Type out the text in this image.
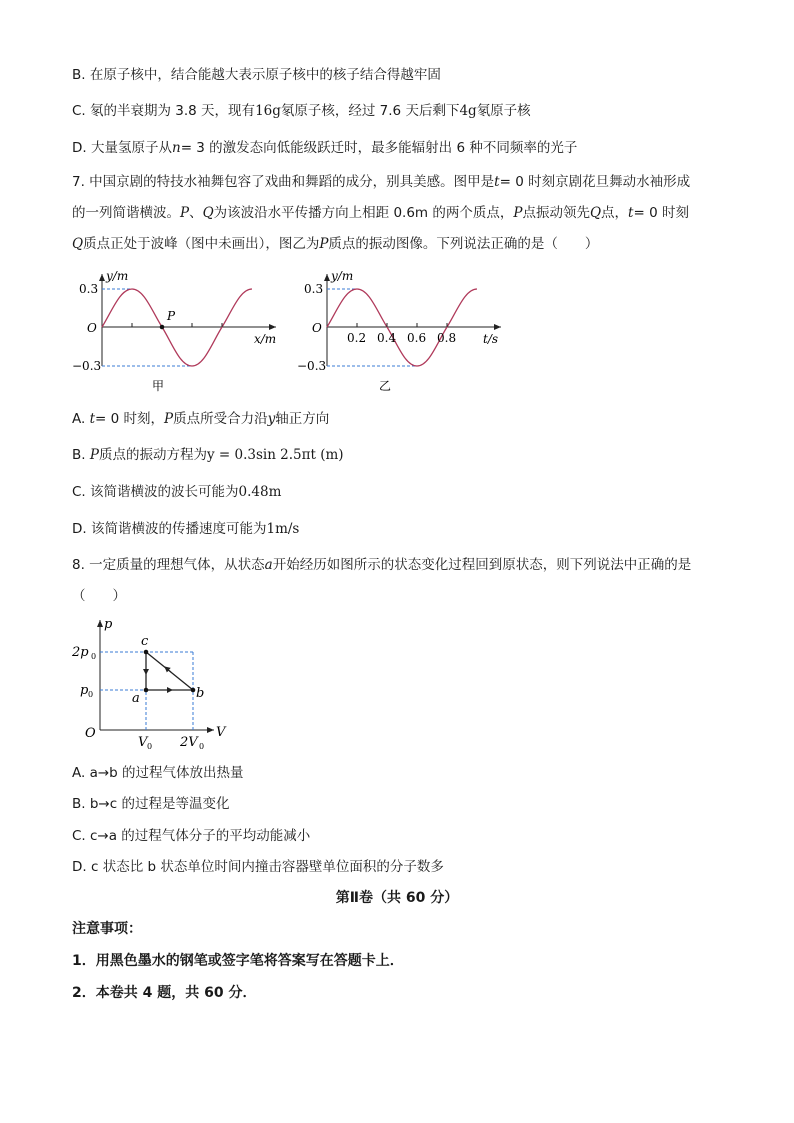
B. 在原子核中，结合能越大表示原子核中的核子结合得越牢固
C. 氡的半衰期为 3.8 天，现有16g氡原子核，经过 7.6 天后剩下4g氡原子核
D. 大量氢原子从n= 3 的激发态向低能级跃迁时，最多能辐射出 6 种不同频率的光子
7. 中国京剧的特技水袖舞包容了戏曲和舞蹈的成分，别具美感。图甲是t= 0 时刻京剧花旦舞动水袖形成
的一列简谐横波。P、Q为该波沿水平传播方向上相距 0.6m 的两个质点，P点振动领先Q点，t= 0 时刻
Q质点正处于波峰（图中未画出），图乙为P质点的振动图像。下列说法正确的是（　　）
y/m
0.3
−0.3
O
P
x/m
甲
y/m
0.3
−0.3
O
0.2 0.4 0.6 0.8 t/s
乙
A. t= 0 时刻，P质点所受合力沿y轴正方向
B. P质点的振动方程为y = 0.3sin 2.5πt (m)
C. 该简谐横波的波长可能为0.48m
D. 该简谐横波的传播速度可能为1m/s
8. 一定质量的理想气体，从状态a开始经历如图所示的状态变化过程回到原状态，则下列说法中正确的是
（　　）
p
V
O
2p 0
p 0
V 0 2V 0
c
a	b
A. a→b 的过程气体放出热量
B. b→c 的过程是等温变化
C. c→a 的过程气体分子的平均动能减小
D. c 状态比 b 状态单位时间内撞击容器壁单位面积的分子数多
第Ⅱ卷（共 60 分）
注意事项：
1．用黑色墨水的钢笔或签字笔将答案写在答题卡上．
2．本卷共 4 题，共 60 分．
